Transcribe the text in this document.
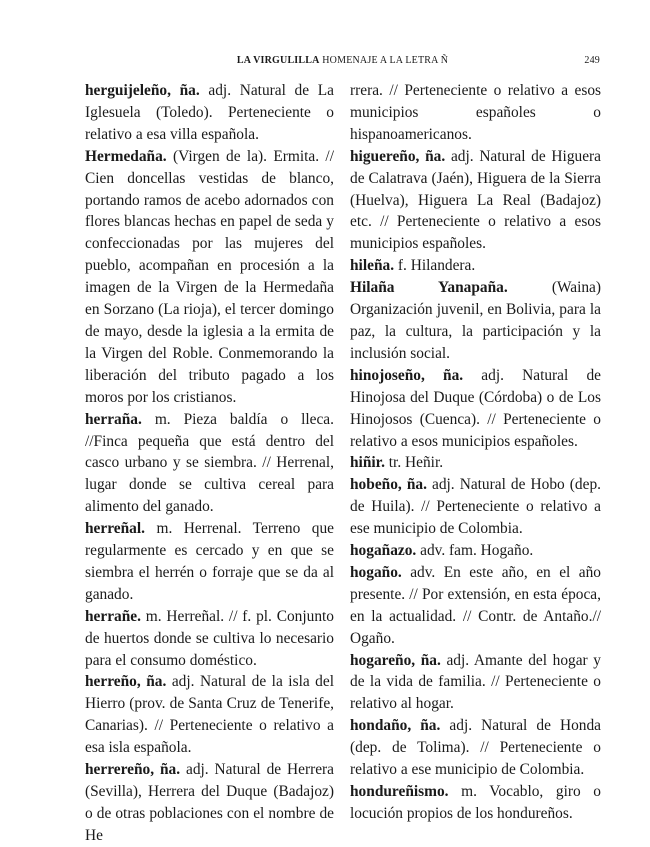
LA VIRGULILLA HOMENAJE A LA LETRA Ñ	249

herguijeleño, ña. adj. Natural de La Iglesuela (Toledo). Perteneciente o relativo a esa villa española.

Hermedaña. (Virgen de la). Ermita. // Cien doncellas vestidas de blanco, portando ramos de acebo adornados con flores blancas hechas en papel de seda y confeccionadas por las mujeres del pueblo, acompañan en procesión a la imagen de la Virgen de la Hermedaña en Sorzano (La rioja), el tercer domingo de mayo, desde la iglesia a la ermita de la Virgen del Roble. Conmemorando la liberación del tributo pagado a los moros por los cristianos.

herraña. m. Pieza baldía o lleca. //Finca pequeña que está dentro del casco urbano y se siembra. // Herrenal, lugar donde se cultiva cereal para alimento del ganado.

herreñal. m. Herrenal. Terreno que regularmente es cercado y en que se siembra el herrén o forraje que se da al ganado.

herrañe. m. Herreñal. // f. pl. Conjunto de huertos donde se cultiva lo necesario para el consumo doméstico.

herreño, ña. adj. Natural de la isla del Hierro (prov. de Santa Cruz de Tenerife, Canarias). // Perteneciente o relativo a esa isla española.

herrereño, ña. adj. Natural de Herrera (Sevilla), Herrera del Duque (Badajoz) o de otras poblaciones con el nombre de He

rrera. // Perteneciente o relativo a esos municipios españoles o hispanoamericanos.

higuereño, ña. adj. Natural de Higuera de Calatrava (Jaén), Higuera de la Sierra (Huelva), Higuera La Real (Badajoz) etc. // Perteneciente o relativo a esos municipios españoles.

hileña. f. Hilandera.

Hilaña Yanapaña. (Waina) Organización juvenil, en Bolivia, para la paz, la cultura, la participación y la inclusión social.

hinojoseño, ña. adj. Natural de Hinojosa del Duque (Córdoba) o de Los Hinojosos (Cuenca). // Perteneciente o relativo a esos municipios españoles.

hiñir. tr. Heñir.

hobeño, ña. adj. Natural de Hobo (dep. de Huila). // Perteneciente o relativo a ese municipio de Colombia.

hogañazo. adv. fam. Hogaño.

hogaño. adv. En este año, en el año presente. // Por extensión, en esta época, en la actualidad. // Contr. de Antaño.// Ogaño.

hogareño, ña. adj. Amante del hogar y de la vida de familia. // Perteneciente o relativo al hogar.

hondaño, ña. adj. Natural de Honda (dep. de Tolima). // Perteneciente o relativo a ese municipio de Colombia.

hondureñismo. m. Vocablo, giro o locución propios de los hondureños.
